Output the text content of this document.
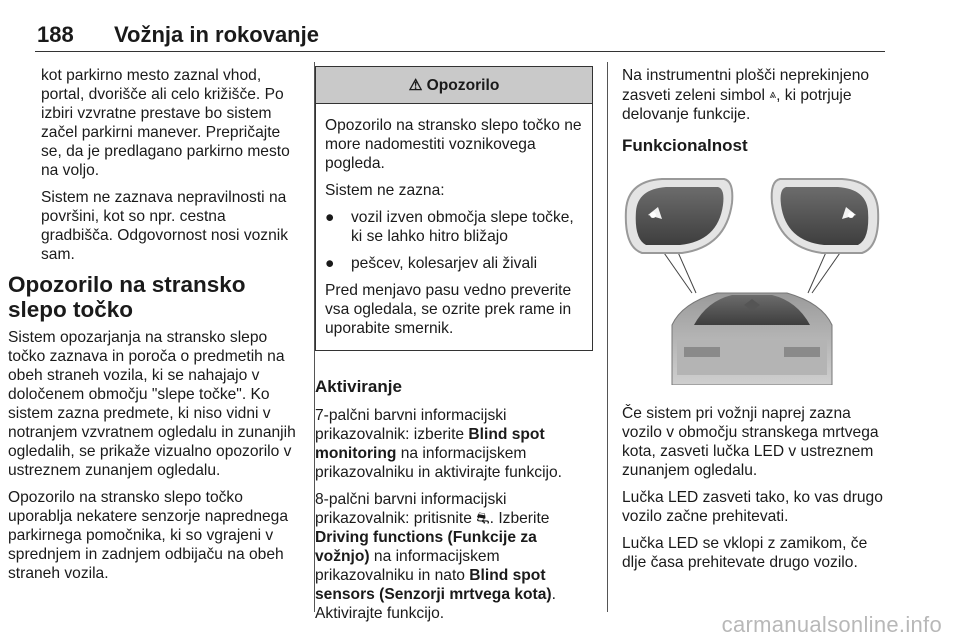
188 Vožnja in rokovanje

kot parkirno mesto zaznal vhod, portal, dvorišče ali celo križišče. Po izbiri vzvratne prestave bo sistem začel parkirni manever. Prepričajte se, da je predlagano parkirno mesto na voljo.

Sistem ne zaznava nepravilnosti na površini, kot so npr. cestna gradbišča. Odgovornost nosi voznik sam.

Opozorilo na stransko slepo točko

Sistem opozarjanja na stransko slepo točko zaznava in poroča o predmetih na obeh straneh vozila, ki se nahajajo v določenem območju "slepe točke". Ko sistem zazna predmete, ki niso vidni v notranjem vzvratnem ogledalu in zunanjih ogledalih, se prikaže vizualno opozorilo v ustreznem zunanjem ogledalu.

Opozorilo na stransko slepo točko uporablja nekatere senzorje naprednega parkirnega pomočnika, ki so vgrajeni v sprednjem in zadnjem odbijaču na obeh straneh vozila.

⚠ Opozorilo

Opozorilo na stransko slepo točko ne more nadomestiti voznikovega pogleda.

Sistem ne zazna:

●	vozil izven območja slepe točke, ki se lahko hitro bližajo

●	pešcev, kolesarjev ali živali

Pred menjavo pasu vedno preverite vsa ogledala, se ozrite prek rame in uporabite smernik.

Aktiviranje

7-palčni barvni informacijski prikazovalnik: izberite Blind spot monitoring na informacijskem prikazovalniku in aktivirajte funkcijo.

8-palčni barvni informacijski prikazovalnik: pritisnite ⛐. Izberite Driving functions (Funkcije za vožnjo) na informacijskem prikazovalniku in nato Blind spot sensors (Senzorji mrtvega kota). Aktivirajte funkcijo.

Na instrumentni plošči neprekinjeno zasveti zeleni simbol ⩓, ki potrjuje delovanje funkcije.

Funkcionalnost

Če sistem pri vožnji naprej zazna vozilo v območju stranskega mrtvega kota, zasveti lučka LED v ustreznem zunanjem ogledalu.

Lučka LED zasveti tako, ko vas drugo vozilo začne prehitevati.

Lučka LED se vklopi z zamikom, če dlje časa prehitevate drugo vozilo.

carmanualsonline.info
